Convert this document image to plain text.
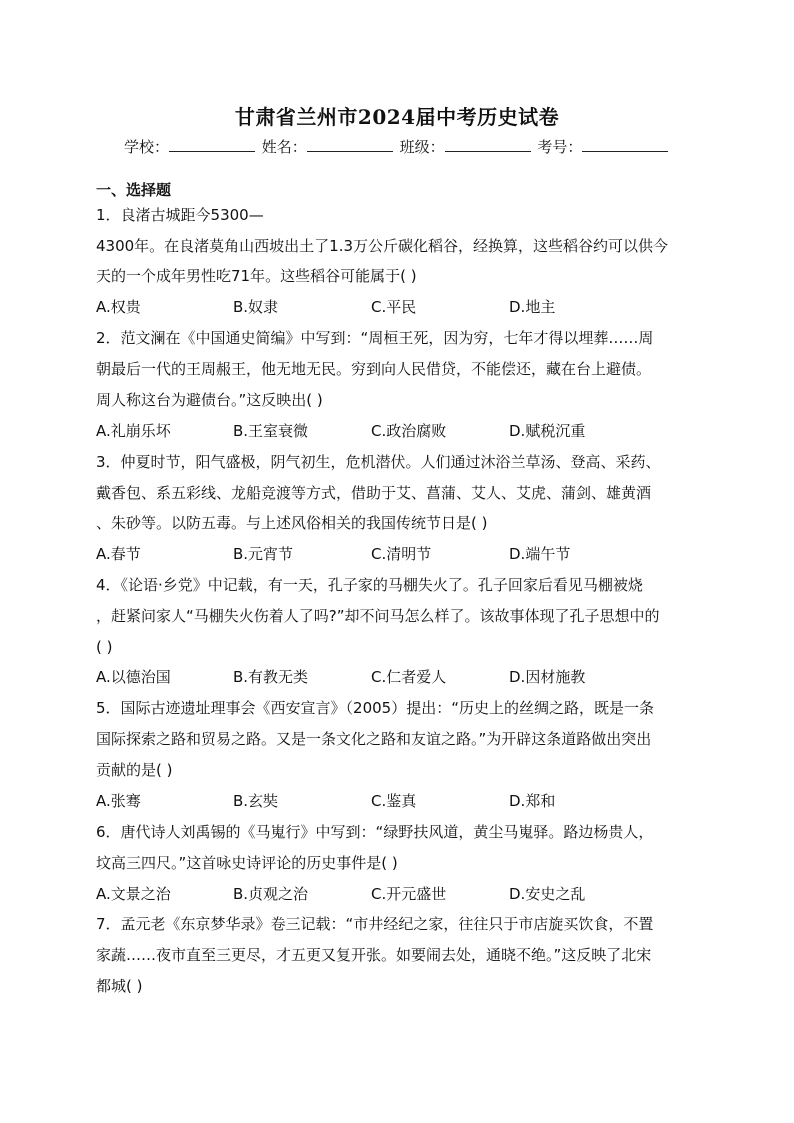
甘肃省兰州市2024届中考历史试卷
学校：	姓名：	班级：	考号：
一、选择题
1．良渚古城距今5300—
4300年。在良渚莫角山西坡出土了1.3万公斤碳化稻谷，经换算，这些稻谷约可以供今
天的一个成年男性吃71年。这些稻谷可能属于( )
A.权贵	B.奴隶	C.平民	D.地主
2．范文澜在《中国通史简编》中写到：“周桓王死，因为穷，七年才得以埋葬……周
朝最后一代的王周赧王，他无地无民。穷到向人民借贷，不能偿还，藏在台上避债。
周人称这台为避债台。”这反映出( )
A.礼崩乐坏	B.王室衰微	C.政治腐败	D.赋税沉重
3．仲夏时节，阳气盛极，阴气初生，危机潜伏。人们通过沐浴兰草汤、登高、采药、
戴香包、系五彩线、龙船竞渡等方式，借助于艾、菖蒲、艾人、艾虎、蒲剑、雄黄酒
、朱砂等。以防五毒。与上述风俗相关的我国传统节日是( )
A.春节	B.元宵节	C.清明节	D.端午节
4．《论语·乡党》中记载，有一天，孔子家的马棚失火了。孔子回家后看见马棚被烧
，赶紧问家人“马棚失火伤着人了吗?”却不问马怎么样了。该故事体现了孔子思想中的
( )
A.以德治国	B.有教无类	C.仁者爱人	D.因材施教
5．国际古迹遗址理事会《西安宣言》（2005）提出：“历史上的丝绸之路，既是一条
国际探索之路和贸易之路。又是一条文化之路和友谊之路。”为开辟这条道路做出突出
贡献的是( )
A.张骞	B.玄奘	C.鉴真	D.郑和
6．唐代诗人刘禹锡的《马嵬行》中写到：“绿野扶风道，黄尘马嵬驿。路边杨贵人，
坟高三四尺。”这首咏史诗评论的历史事件是( )
A.文景之治	B.贞观之治	C.开元盛世	D.安史之乱
7．孟元老《东京梦华录》卷三记载：“市井经纪之家，往往只于市店旋买饮食，不置
家蔬……夜市直至三更尽，才五更又复开张。如要闹去处，通晓不绝。”这反映了北宋
都城( )
